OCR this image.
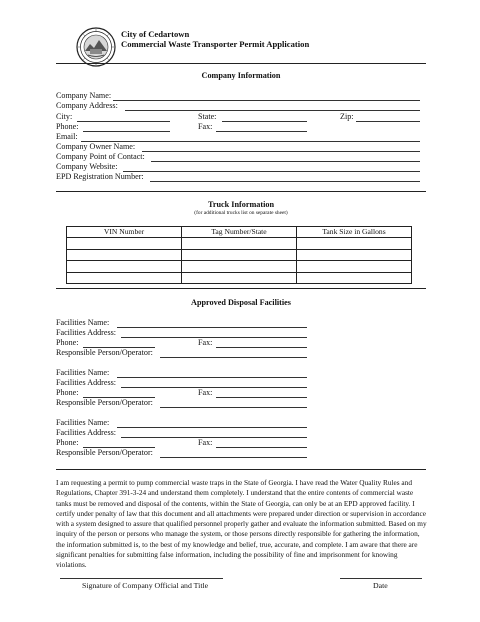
City of Cedartown
Commercial Waste Transporter Permit Application
Company Information
Company Name:
Company Address:
City:	State:	Zip:
Phone:	Fax:
Email:
Company Owner Name:
Company Point of Contact:
Company Website:
EPD Registration Number:
Truck Information
(for additional trucks list on separate sheet)
VIN Number	Tag Number/State	Tank Size in Gallons

Approved Disposal Facilities
Facilities Name:
Facilities Address:
Phone:	Fax:
Responsible Person/Operator:
Facilities Name:
Facilities Address:
Phone:	Fax:
Responsible Person/Operator:
Facilities Name:
Facilities Address:
Phone:	Fax:
Responsible Person/Operator:
I am requesting a permit to pump commercial waste traps in the State of Georgia. I have read the Water Quality Rules and Regulations, Chapter 391-3-24 and understand them completely. I understand that the entire contents of commercial waste tanks must be removed and disposal of the contents, within the State of Georgia, can only be at an EPD approved facility. I certify under penalty of law that this document and all attachments were prepared under direction or supervision in accordance with a system designed to assure that qualified personnel properly gather and evaluate the information submitted. Based on my inquiry of the person or persons who manage the system, or those persons directly responsible for gathering the information, the information submitted is, to the best of my knowledge and belief, true, accurate, and complete. I am aware that there are significant penalties for submitting false information, including the possibility of fine and imprisonment for knowing violations.
Signature of Company Official and Title	Date
